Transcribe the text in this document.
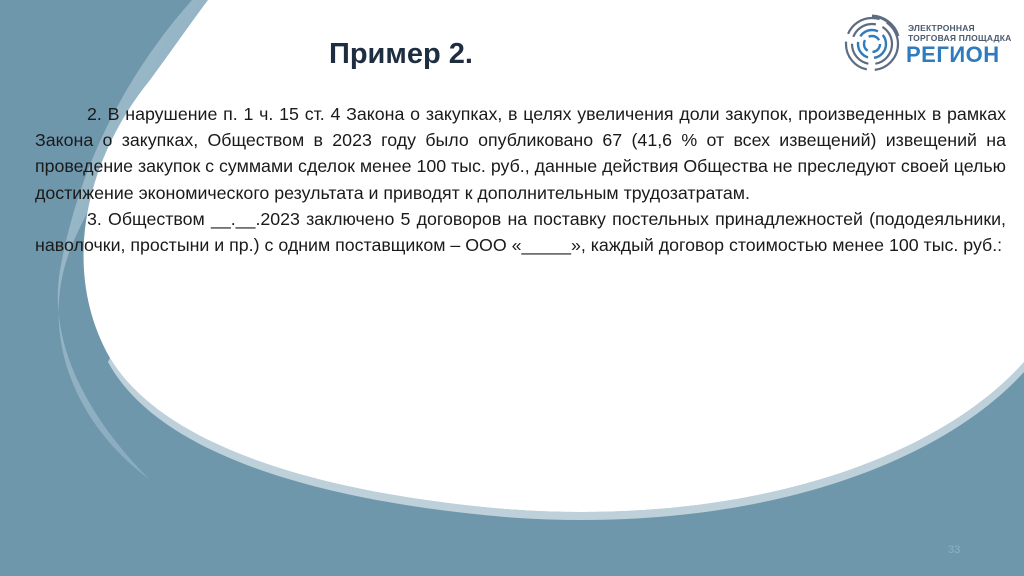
ЭЛЕКТРОННАЯ
ТОРГОВАЯ ПЛОЩАДКА
РЕГИОН
Пример 2.

2. В нарушение п. 1 ч. 15 ст. 4 Закона о закупках, в целях увеличения доли закупок, произведенных в рамках Закона о закупках, Обществом в 2023 году было опубликовано 67 (41,6 % от всех извещений) извещений на проведение закупок с суммами сделок менее 100 тыс. руб., данные действия Общества не преследуют своей целью достижение экономического результата и приводят к дополнительным трудозатратам.

3. Обществом __.__.2023 заключено 5 договоров на поставку постельных принадлежностей (пододеяльники, наволочки, простыни и пр.) с одним поставщиком – ООО «_____», каждый договор стоимостью менее 100 тыс. руб.:

33
